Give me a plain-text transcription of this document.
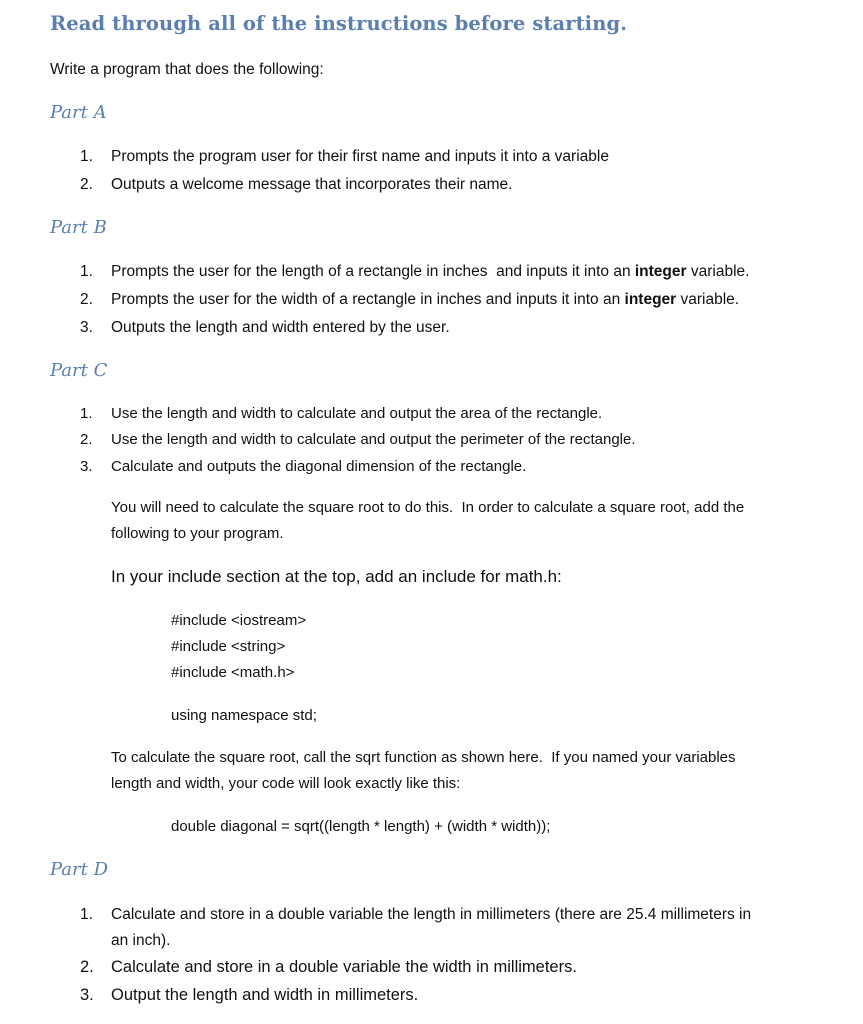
Read through all of the instructions before starting.
Write a program that does the following:
Part A
1.	Prompts the program user for their first name and inputs it into a variable
2.	Outputs a welcome message that incorporates their name.
Part B
1.	Prompts the user for the length of a rectangle in inches  and inputs it into an integer variable.
2.	Prompts the user for the width of a rectangle in inches and inputs it into an integer variable.
3.	Outputs the length and width entered by the user.
Part C
1.	Use the length and width to calculate and output the area of the rectangle.
2.	Use the length and width to calculate and output the perimeter of the rectangle.
3.	Calculate and outputs the diagonal dimension of the rectangle.
You will need to calculate the square root to do this.  In order to calculate a square root, add the
following to your program.
In your include section at the top, add an include for math.h:
#include <iostream>
#include <string>
#include <math.h>
using namespace std;
To calculate the square root, call the sqrt function as shown here.  If you named your variables
length and width, your code will look exactly like this:
double diagonal = sqrt((length * length) + (width * width));
Part D
1.	Calculate and store in a double variable the length in millimeters (there are 25.4 millimeters in
an inch).
2.	Calculate and store in a double variable the width in millimeters.
3.	Output the length and width in millimeters.
